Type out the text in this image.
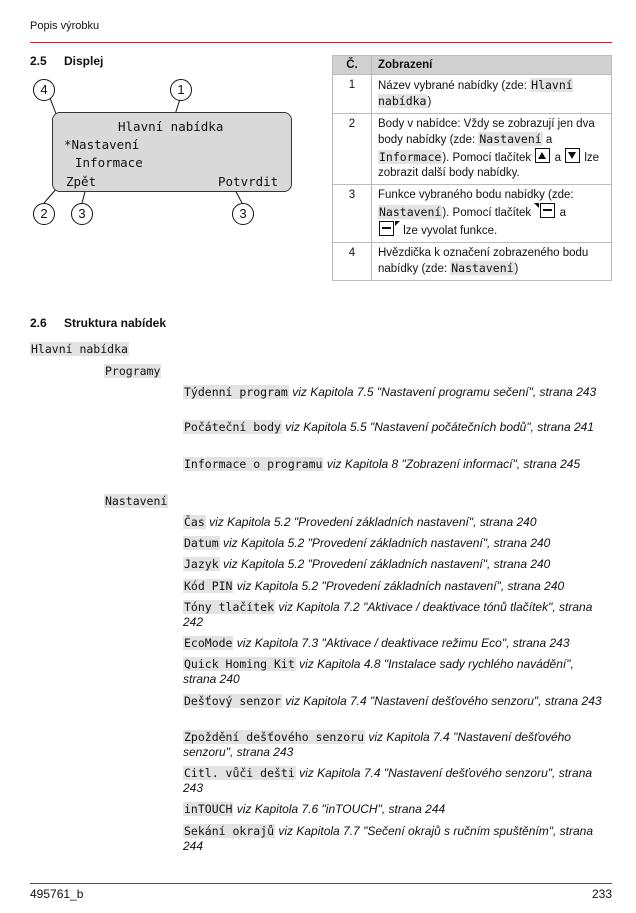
Popis výrobku
2.5 Displej
Hlavní nabídka
*Nastavení
Informace
Zpět	Potvrdit
1
2	3	3
4
Č.	Zobrazení
1	Název vybrané nabídky (zde: Hlavní nabídka)
2	Body v nabídce: Vždy se zobrazují jen dva body nabídky (zde: Nastavení a Informace). Pomocí tlačítek a lze zobrazit další body nabídky.
3	Funkce vybraného bodu nabídky (zde: Nastavení). Pomocí tlačítek a
lze vyvolat funkce.
4	Hvězdička k označení zobrazeného bodu nabídky (zde: Nastavení)
2.6 Struktura nabídek
Hlavní nabídka
Programy
Týdenní program viz Kapitola 7.5 "Nastavení programu sečení", strana 243
Počáteční body viz Kapitola 5.5 "Nastavení počátečních bodů", strana 241
Informace o programu viz Kapitola 8 "Zobrazení informací", strana 245
Nastavení
Čas viz Kapitola 5.2 "Provedení základních nastavení", strana 240
Datum viz Kapitola 5.2 "Provedení základních nastavení", strana 240
Jazyk viz Kapitola 5.2 "Provedení základních nastavení", strana 240
Kód PIN viz Kapitola 5.2 "Provedení základních nastavení", strana 240
Tóny tlačítek viz Kapitola 7.2 "Aktivace / deaktivace tónů tlačítek", strana 242
EcoMode viz Kapitola 7.3 "Aktivace / deaktivace režimu Eco", strana 243
Quick Homing Kit viz Kapitola 4.8 "Instalace sady rychlého navádění", strana 240
Dešťový senzor viz Kapitola 7.4 "Nastavení dešťového senzoru", strana 243
Zpoždění dešťového senzoru viz Kapitola 7.4 "Nastavení dešťového senzoru", strana 243
Citl. vůči dešti viz Kapitola 7.4 "Nastavení dešťového senzoru", strana 243
inTOUCH viz Kapitola 7.6 "inTOUCH", strana 244
Sekání okrajů viz Kapitola 7.7 "Sečení okrajů s ručním spuštěním", strana 244
495761_b	233
